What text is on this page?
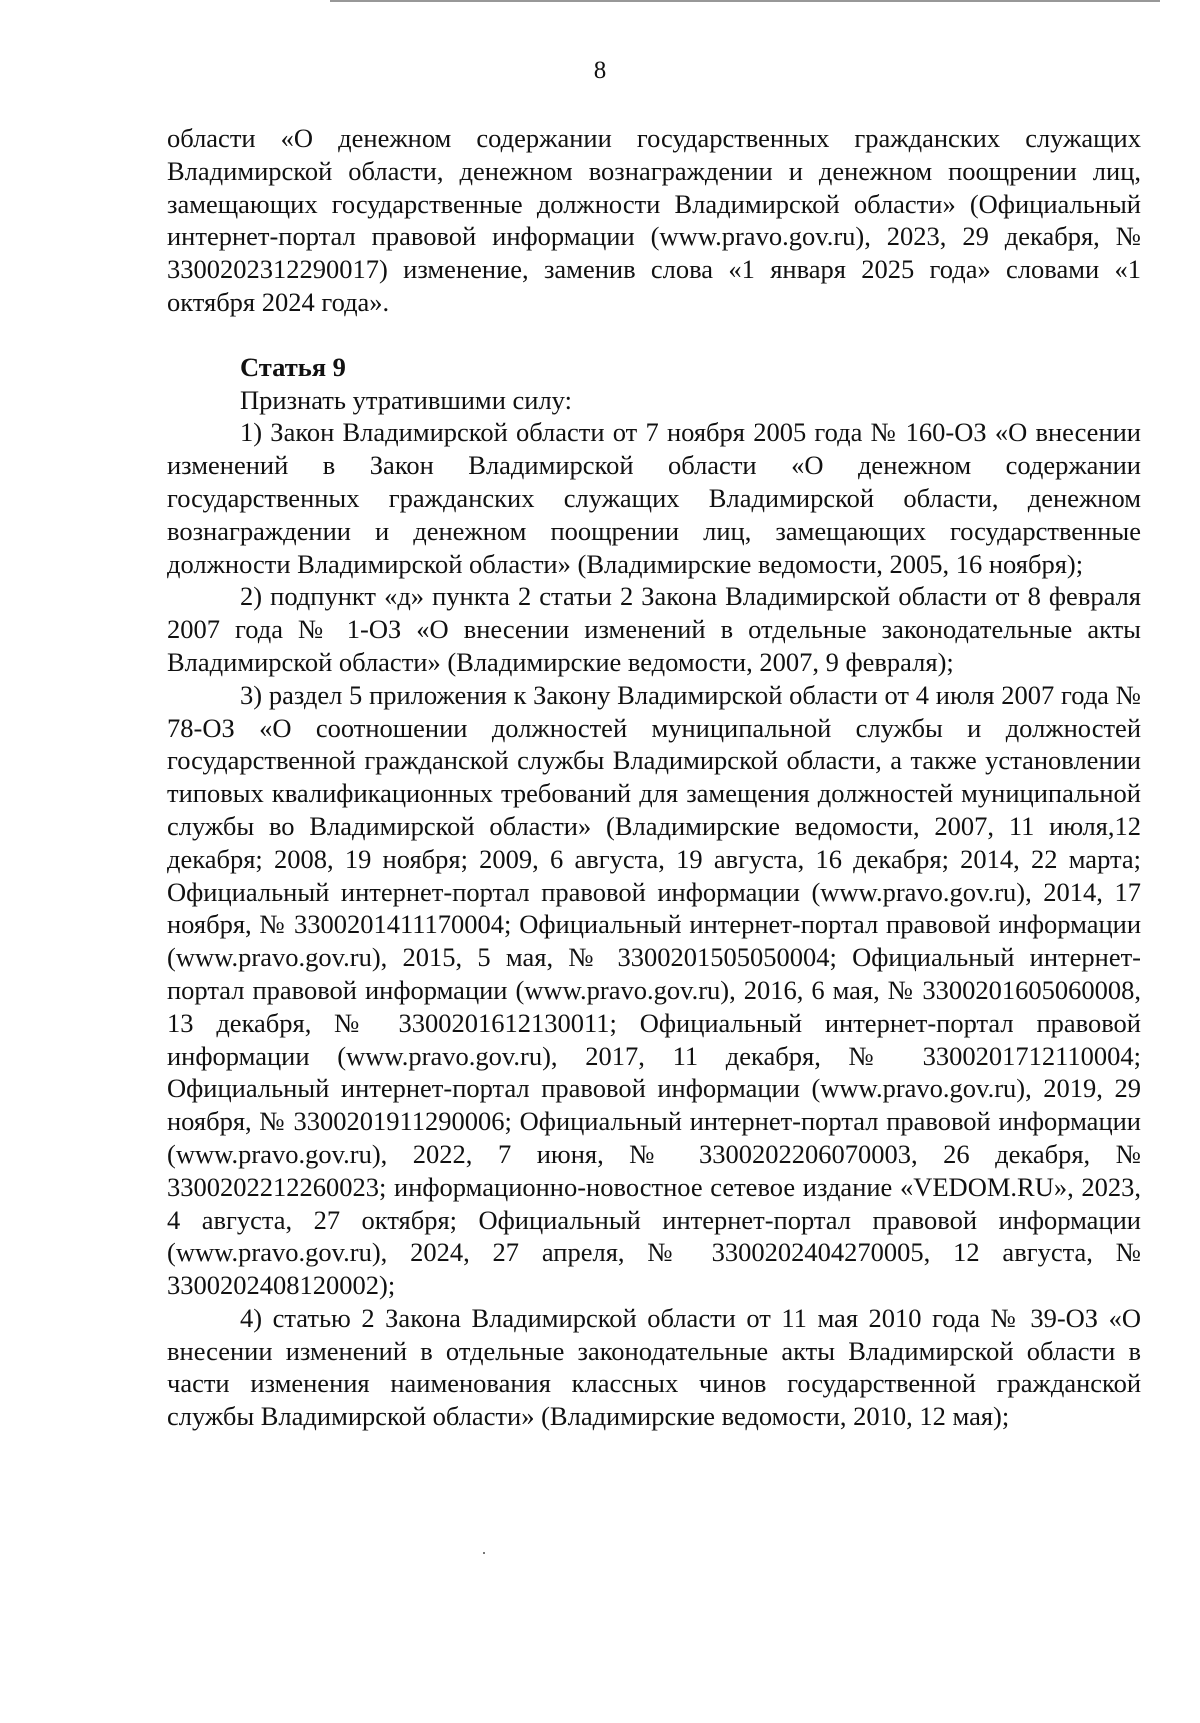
8

области «О денежном содержании государственных гражданских служащих Владимирской области, денежном вознаграждении и денежном поощрении лиц, замещающих государственные должности Владимирской области» (Официальный интернет-портал правовой информации (www.pravo.gov.ru), 2023, 29 декабря, № 3300202312290017) изменение, заменив слова «1 января 2025 года» словами «1 октября 2024 года».

Статья 9

Признать утратившими силу:

1) Закон Владимирской области от 7 ноября 2005 года № 160-ОЗ «О внесении изменений в Закон Владимирской области «О денежном содержании государственных гражданских служащих Владимирской области, денежном вознаграждении и денежном поощрении лиц, замещающих государственные должности Владимирской области» (Владимирские ведомости, 2005, 16 ноября);

2) подпункт «д» пункта 2 статьи 2 Закона Владимирской области от 8 февраля 2007 года № 1-ОЗ «О внесении изменений в отдельные законодательные акты Владимирской области» (Владимирские ведомости, 2007, 9 февраля);

3) раздел 5 приложения к Закону Владимирской области от 4 июля 2007 года № 78-ОЗ «О соотношении должностей муниципальной службы и должностей государственной гражданской службы Владимирской области, а также установлении типовых квалификационных требований для замещения должностей муниципальной службы во Владимирской области» (Владимирские ведомости, 2007, 11 июля,12 декабря; 2008, 19 ноября; 2009, 6 августа, 19 августа, 16 декабря; 2014, 22 марта; Официальный интернет-портал правовой информации (www.pravo.gov.ru), 2014, 17 ноября, № 3300201411170004; Официальный интернет-портал правовой информации (www.pravo.gov.ru), 2015, 5 мая, № 3300201505050004; Официальный интернет-портал правовой информации (www.pravo.gov.ru), 2016, 6 мая, № 3300201605060008, 13 декабря, № 3300201612130011; Официальный интернет-портал правовой информации (www.pravo.gov.ru), 2017, 11 декабря, № 3300201712110004; Официальный интернет-портал правовой информации (www.pravo.gov.ru), 2019, 29 ноября, № 3300201911290006; Официальный интернет-портал правовой информации (www.pravo.gov.ru), 2022, 7 июня, № 3300202206070003, 26 декабря, № 3300202212260023; информационно-новостное сетевое издание «VEDOM.RU», 2023, 4 августа, 27 октября; Официальный интернет-портал правовой информации (www.pravo.gov.ru), 2024, 27 апреля, № 3300202404270005, 12 августа, № 3300202408120002);

4) статью 2 Закона Владимирской области от 11 мая 2010 года № 39-ОЗ «О внесении изменений в отдельные законодательные акты Владимирской области в части изменения наименования классных чинов государственной гражданской службы Владимирской области» (Владимирские ведомости, 2010, 12 мая);
